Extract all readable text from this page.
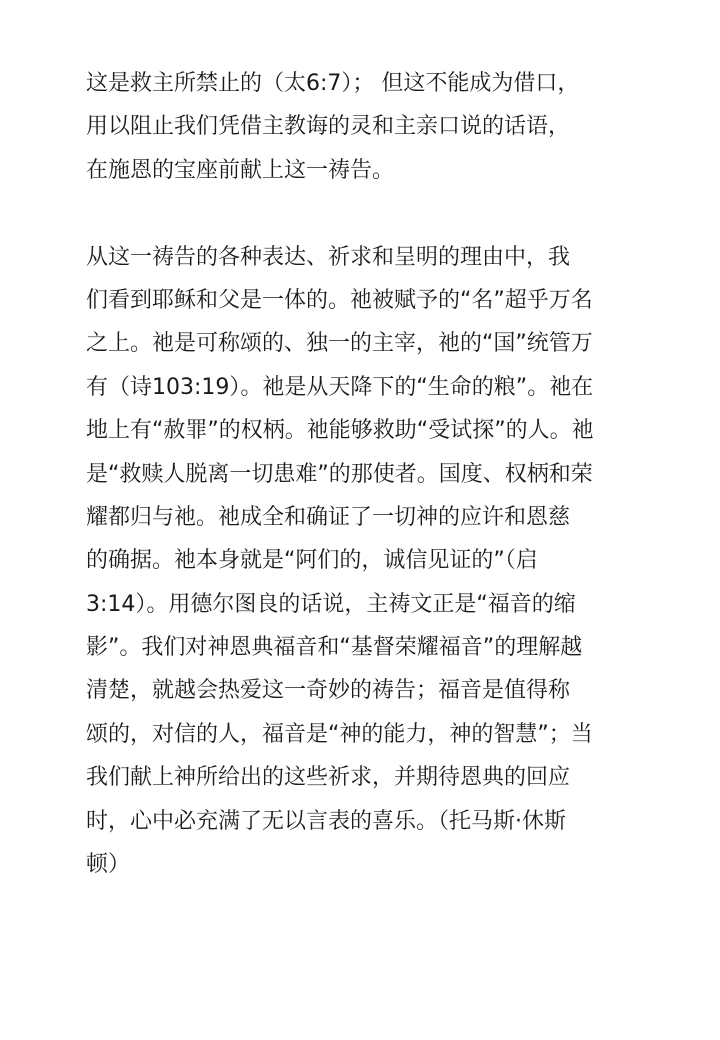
这是救主所禁止的（太6:7）； 但这不能成为借口，
用以阻止我们凭借主教诲的灵和主亲口说的话语，
在施恩的宝座前献上这一祷告。
从这一祷告的各种表达、祈求和呈明的理由中，我
们看到耶稣和父是一体的。祂被赋予的“名”超乎万名
之上。祂是可称颂的、独一的主宰，祂的“国”统管万
有（诗103:19）。祂是从天降下的“生命的粮”。祂在
地上有“赦罪”的权柄。祂能够救助“受试探”的人。祂
是“救赎人脱离一切患难”的那使者。国度、权柄和荣
耀都归与祂。祂成全和确证了一切神的应许和恩慈
的确据。祂本身就是“阿们的，诚信见证的”（启
3:14）。用德尔图良的话说，主祷文正是“福音的缩
影”。我们对神恩典福音和“基督荣耀福音”的理解越
清楚，就越会热爱这一奇妙的祷告；福音是值得称
颂的，对信的人，福音是“神的能力，神的智慧”；当
我们献上神所给出的这些祈求，并期待恩典的回应
时，心中必充满了无以言表的喜乐。（托马斯·休斯
顿）
